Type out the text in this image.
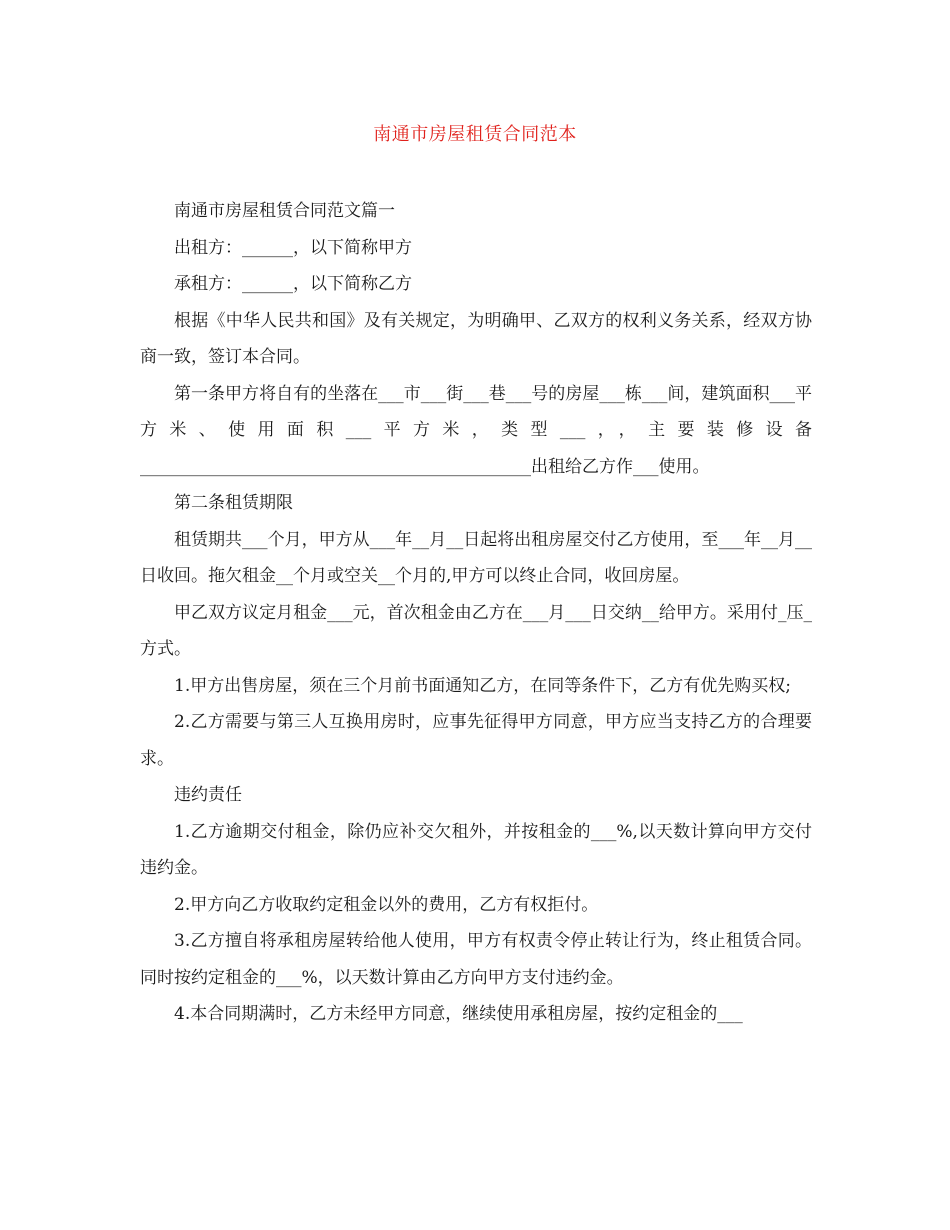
南通市房屋租赁合同范本

南通市房屋租赁合同范文篇一

出租方：______，以下简称甲方

承租方：______，以下简称乙方

根据《中华人民共和国》及有关规定，为明确甲、乙双方的权利义务关系，经双方协商一致，签订本合同。

第一条甲方将自有的坐落在___市___街___巷___号的房屋___栋___间，建筑面积___平方米、使用面积___平方米，类型___，，主要装修设备______________________________________________出租给乙方作___使用。

第二条租赁期限

租赁期共___个月，甲方从___年__月__日起将出租房屋交付乙方使用，至___年__月__日收回。拖欠租金__个月或空关__个月的,甲方可以终止合同，收回房屋。

甲乙双方议定月租金___元，首次租金由乙方在___月___日交纳__给甲方。采用付_压_方式。

1.甲方出售房屋，须在三个月前书面通知乙方，在同等条件下，乙方有优先购买权;

2.乙方需要与第三人互换用房时，应事先征得甲方同意，甲方应当支持乙方的合理要求。

违约责任

1.乙方逾期交付租金，除仍应补交欠租外，并按租金的___%,以天数计算向甲方交付违约金。

2.甲方向乙方收取约定租金以外的费用，乙方有权拒付。

3.乙方擅自将承租房屋转给他人使用，甲方有权责令停止转让行为，终止租赁合同。同时按约定租金的___%，以天数计算由乙方向甲方支付违约金。

4.本合同期满时，乙方未经甲方同意，继续使用承租房屋，按约定租金的___
